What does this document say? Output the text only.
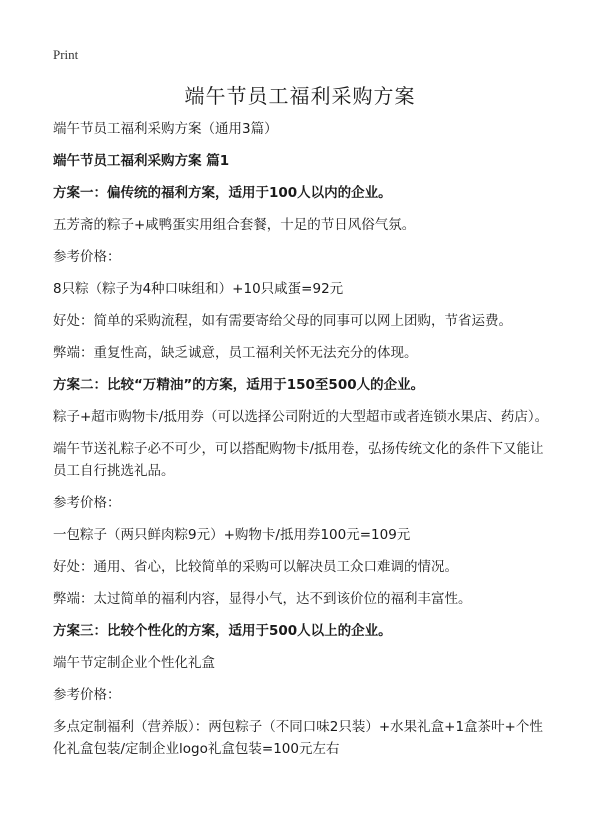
Print
端午节员工福利采购方案

端午节员工福利采购方案（通用3篇）

端午节员工福利采购方案 篇1

方案一：偏传统的福利方案，适用于100人以内的企业。

五芳斋的粽子+咸鸭蛋实用组合套餐，十足的节日风俗气氛。

参考价格：

8只粽（粽子为4种口味组和）+10只咸蛋=92元

好处：简单的采购流程，如有需要寄给父母的同事可以网上团购，节省运费。

弊端：重复性高，缺乏诚意，员工福利关怀无法充分的体现。

方案二：比较“万精油”的方案，适用于150至500人的企业。

粽子+超市购物卡/抵用券（可以选择公司附近的大型超市或者连锁水果店、药店）。

端午节送礼粽子必不可少，可以搭配购物卡/抵用卷，弘扬传统文化的条件下又能让员工自行挑选礼品。

参考价格：

一包粽子（两只鲜肉粽9元）+购物卡/抵用券100元=109元

好处：通用、省心，比较简单的采购可以解决员工众口难调的情况。

弊端：太过简单的福利内容，显得小气，达不到该价位的福利丰富性。

方案三：比较个性化的方案，适用于500人以上的企业。

端午节定制企业个性化礼盒

参考价格：

多点定制福利（营养版）：两包粽子（不同口味2只装）+水果礼盒+1盒茶叶+个性化礼盒包装/定制企业logo礼盒包装=100元左右
